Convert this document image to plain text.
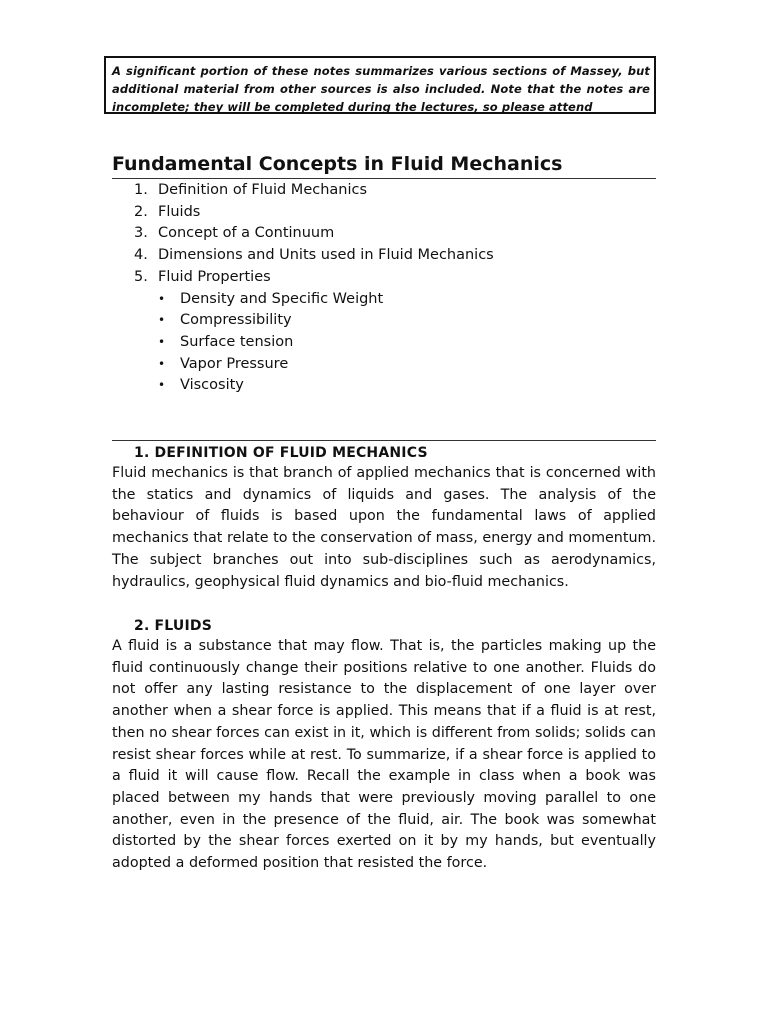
A significant portion of these notes summarizes various sections of Massey, but additional material from other sources is also included. Note that the notes are incomplete; they will be completed during the lectures, so please attend

Fundamental Concepts in Fluid Mechanics
1. Definition of Fluid Mechanics
2. Fluids
3. Concept of a Continuum
4. Dimensions and Units used in Fluid Mechanics
5. Fluid Properties
• Density and Specific Weight
• Compressibility
• Surface tension
• Vapor Pressure
• Viscosity
1. DEFINITION OF FLUID MECHANICS

Fluid mechanics is that branch of applied mechanics that is concerned with the statics and dynamics of liquids and gases. The analysis of the behaviour of fluids is based upon the fundamental laws of applied mechanics that relate to the conservation of mass, energy and momentum. The subject branches out into sub-disciplines such as aerodynamics, hydraulics, geophysical fluid dynamics and bio-fluid mechanics.

2. FLUIDS

A fluid is a substance that may flow. That is, the particles making up the fluid continuously change their positions relative to one another. Fluids do not offer any lasting resistance to the displacement of one layer over another when a shear force is applied. This means that if a fluid is at rest, then no shear forces can exist in it, which is different from solids; solids can resist shear forces while at rest. To summarize, if a shear force is applied to a fluid it will cause flow. Recall the example in class when a book was placed between my hands that were previously moving parallel to one another, even in the presence of the fluid, air. The book was somewhat distorted by the shear forces exerted on it by my hands, but eventually adopted a deformed position that resisted the force.
